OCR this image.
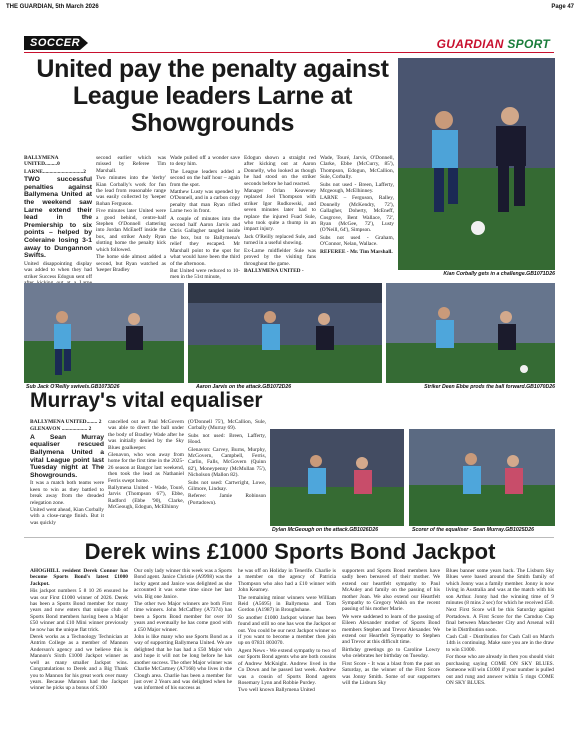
THE GUARDIAN, 5th March 2026	Page 47
SOCCER	GUARDIAN SPORT
United pay the penalty against League leaders Larne at Showgrounds
Kian Corbally gets in a challenge.GB1071D26

BALLYMENA UNITED.........0

LARNE..............................2

TWO successful penalties against Ballymena United at the weekend saw Larne extend their lead in the Premiership to six points – helped by Coleraine losing 3-1 away to Dungannon Swifts.

United disappointing display was added to when they had striker Success Edogun sent off

second earlier which was missed by Referee Tim Marshall.

Two minutes into the 'derby' Kian Corbally's work for fun the lead from reasonable range was easily collected by 'keeper Rohan Ferguson.

Five minutes later United were a good behind, centre-half Stephen O'Donnell clattering into Jordan McEneff inside the box, and striker Andy Ryan slotting home the penalty kick which followed.

The home side almost added a second, but Ryan watched as 'keeper Bradley

Wade pulled off a wonder save to deny him.

The League leaders added a second on the half hour – again from the spot.

Matthew Lusty was upended by O'Donnell, and in a carbon copy penalty that man Ryan rifled Larne two in front.

A couple of minutes into the second half Aaron Jarvis and Chris Gallagher tangled inside the box, but to Ballymena's relief they escaped. Mr Marshall point to the spot for what would have been the third of the afternoon.

But United were reduced to 10-men in the 51st minute,

Edogun shown a straight red after kicking out at Aaron Donnelly, who looked as though he had stood on the striker seconds before he had reacted.

Manager Orlan Keaveney replaced Joel Thompson with striker Igor Rudkowski, and seven minutes later had to replace the injured Fuad Sule, who took quite a thump in an impact injury.

Jack O'Reilly replaced Sule, and turned in a useful showing.

Ex-Larne midfielder Sule was proved by the visiting fans throughout the game.

BALLYMENA UNITED -

Wade, Touré, Jarvis, O'Donnell, Clarke, Ebbe (McCurry, 85'), Thompson, Edogun, McCallion, Sule, Corbally.

Subs not used - Breen, Lafferty, Mcgeough, McElhinney.

LARNE – Ferguson, Ralley, Donnelly (McKendry, 72'), Gallagher, Doherty, McEneff, Cosgrove, Bent Wallace, 72', Ryan (McGee, 72'), Lusty (O'Neill, 64'), Simpson.

Subs not used - Graham, O'Connor, Nelan, Wallace.

REFEREE - Mr. Tim Marshall.

Sub Jack O'Reilly swivels.GB1073D26	Aaron Jarvis on the attack.GB1072D26	Striker Deen Ebbe prods the ball forward.GB1070D26
Murray's vital equaliser

BALLYMENA UNITED........ 2

GLENAVON ................... 2

A Sean Murray equaliser rescued Ballymena United a vital League point last Tuesday night at The Showgrounds.

It was a match both teams were keen to win as they battled to break away from the dreaded relegation zone.

United went ahead, Kian Corbally with a close-range finish. But it was quickly

cancelled out as Paul McGovern was able to divert the ball under the body of Bradley Wade after he was initially denied by the Sky Blues goalkeeper.

Glenavon, who won away from home for the first time in the 2025-26 season at Bangor last weekend, then took the lead as Nathaniel Ferris swept home.

Ballymena United - Wade, Touré, Jarvis (Thompson 67'), Ebbe, Radford (Ebbe '90), Clarke, McGeough, Edogun, McElhinny

(O'Donnell 75'), McCallion, Sule, Corbally (Murray 69).

Subs not used: Breen, Lafferty, Hood.

Glenavon: Carvey, Burns, Murphy, McGovern, Campbell, Ferris, Carlin, Falls, McGovern (Quinn 82'), Moneypenny (McMullan 75'), Nicholson (Mallon 82).

Subs not used: Cartwright, Lowe, Gilmore, Lindsay.

Referee: Jamie Robinson (Portadown).

Dylan McGeough on the attack.GB1026D26	Scorer of the equaliser - Sean Murray.GB1025D26
Derek wins £1000 Sports Bond Jackpot

AHOGHILL resident Derek Connor has become Sports Bond's latest £1000 Jackpot.

His jackpot numbers 5 8 10 26 ensured he was our First £1000 winner of 2026. Derek has been a Sports Bond member for many years and now enters that unique club of Sports Bond members having been a Major £50 winner and £10 Mini winner previously he now has the unique flat trick.

Derek works as a Technology Technician at Antrim College as a member of Mannon Anderson's agency and we believe this is Mannon's Sixth £1000 Jackpot winner as well as many smaller Jackpot wins. Congratulations to Derek and a Big Thank you to Mannon for his great work over many years. Because Mannon had the Jackpot winner he picks up a bonus of £100

Our only lady winner this week was a Sports Bond agent. Janice Christie (A9998) was the lucky agent and Janice was delighted as she accounted it was some time since her last win. Big one Janice.

The other two Major winners are both First time winners. John McCaffrey (A7374) has been a Sports Bond member for over 10 years and eventually he has come good with a £50 Major winner.

John is like many who use Sports Bond as a way of supporting Ballymena United. We are delighted that he has had a £50 Major win and hope it will not be long before he has another success. The other Major winner was Charlie McCartney (A7168) who lives in the Clough area. Charlie has been a member for just over 2 Years and was delighted when he was informed of his success as

he was off on Holiday in Tenerife. Charlie is a member on the agency of Patricia Thompson who also had a £10 winner with John Kearney.

The remaining minor winners were William Reid (A5695) in Ballymena and Tom Gordon (A1987) in Broughshane.

So another £1000 Jackpot winner has been found and still no one has won the Jackpot or out. You could be our next Jackpot winner so if you want to become a member then join up on 07831 803070.

Agent News - We extend sympathy to two of our Sports Bond agents who are both cousins of Andrew McKnight. Andrew lived in the Co Down and he passed last week. Andrew was a cousin of Sports Bond agents Rosemary Lynn and Robbie Purdey.

Two well known Ballymena United

supporters and Sports Bond members have sadly been bereaved of their mother. We extend our heartfelt sympathy to Paul McAuley and family on the passing of his mother Joan. We also extend our Heartfelt Sympathy to Gregory Walsh on the recent passing of his mother Marie.

We were saddened to learn of the passing of Eileen Alexander mother of Sports Bond members Stephen and Trevor Alexander. We extend our Heartfelt Sympathy to Stephen and Trevor at this difficult time.

Birthday greetings go to Caroline Lowry who celebrates her birthday on Tuesday.

First Score - It was a blast from the past on Saturday, as the winner of the First Score was Jonny Smith. Some of our supporters will the Lisburn Sky

Blues banner some years back. The Lisburn Sky Blues were based around the Smith family of which Jonny was a family member. Jonny is now living in Australia and was at the match with his son Arthur. Jonny had the winning time of 9 minutes (8 mins 2 sec) for which he received £50.

Next First Score will be this Saturday against Portadown. A First Score for the Carnduo Cup final between Manchester City and Arsenal will be in Distribution soon.

Cash Call - Distribution for Cash Call on March 14th is continuing. Make sure you are in the draw to win £1000.

For those who are already in then you should visit purchasing saying COME ON SKY BLUES. Someone will win £1000 if your number is pulled out and rung and answer within 5 rings COME ON SKY BLUES.
